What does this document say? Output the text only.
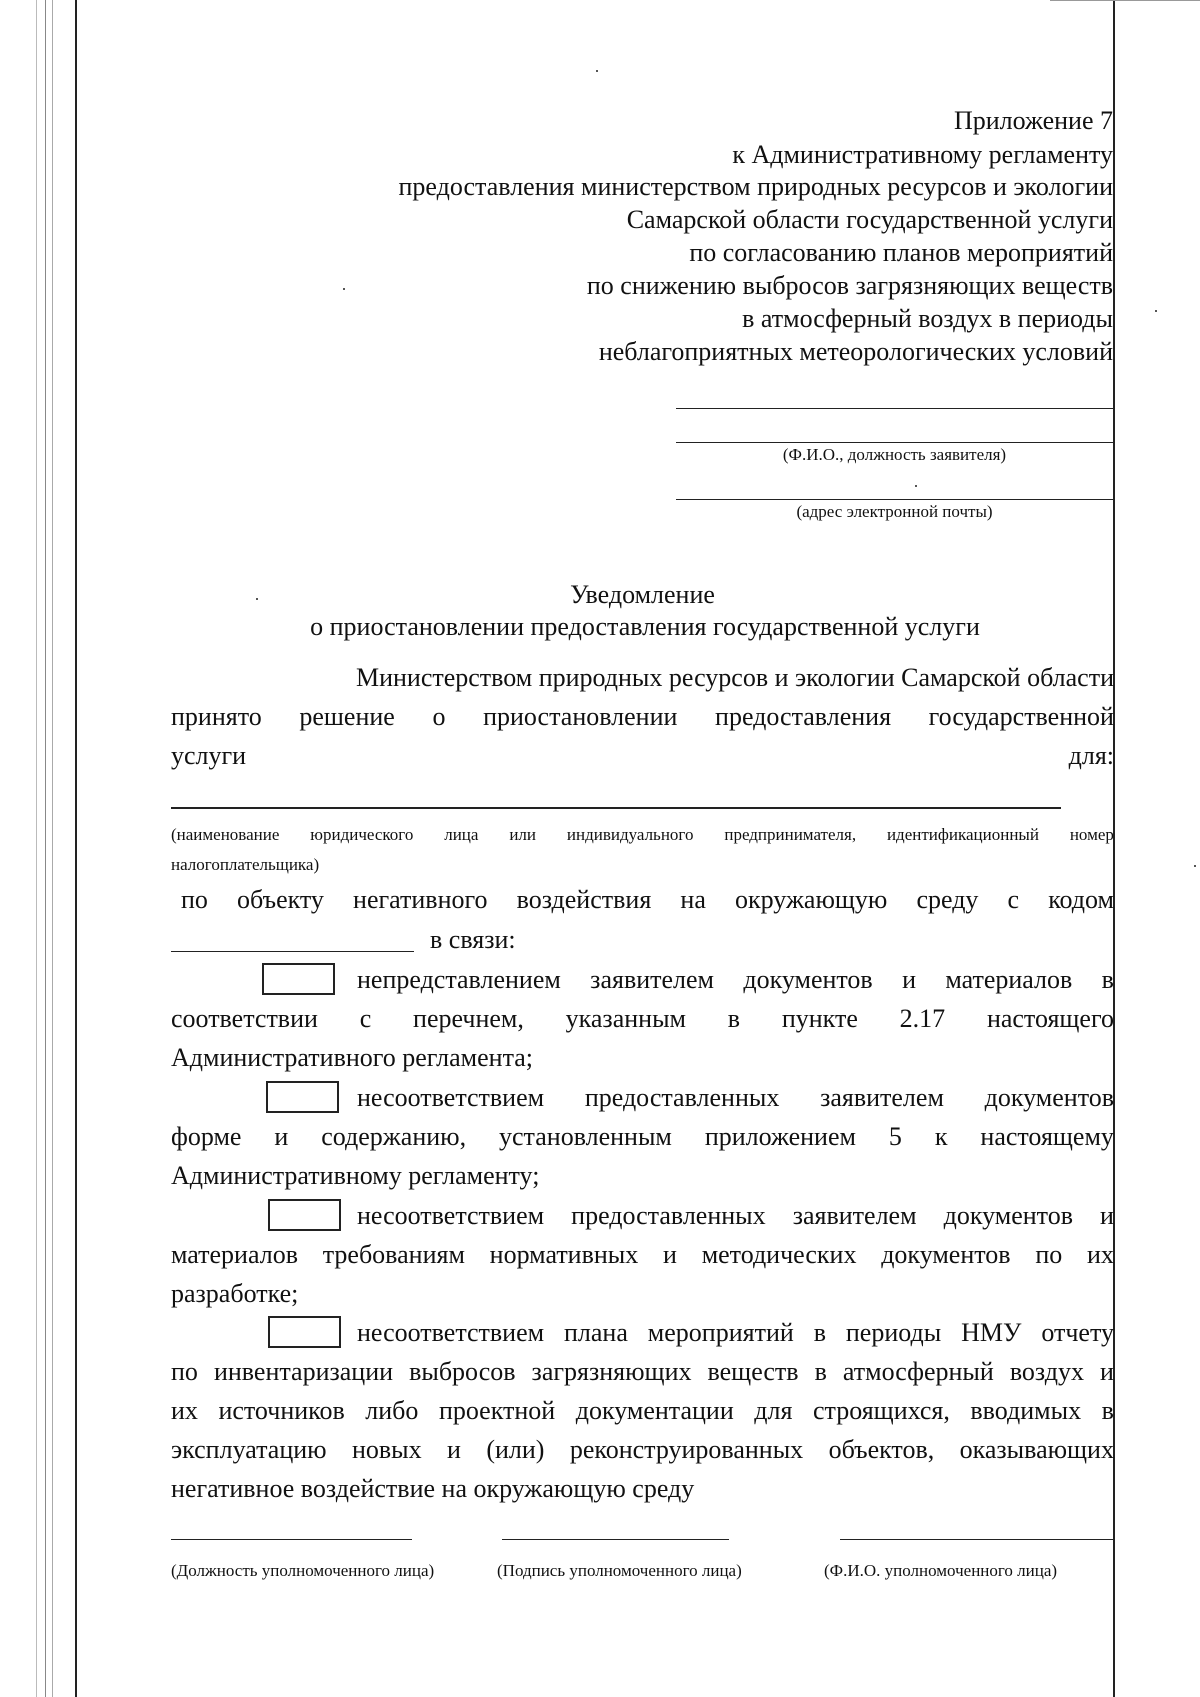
Приложение 7
к Административному регламенту
предоставления министерством природных ресурсов и экологии
Самарской области государственной услуги
по согласованию планов мероприятий
по снижению выбросов загрязняющих веществ
в атмосферный воздух в периоды
неблагоприятных метеорологических условий
(Ф.И.О., должность заявителя)
(адрес электронной почты)
Уведомление
о приостановлении предоставления государственной услуги
Министерством природных ресурсов и экологии Самарской области
принято решение о приостановлении предоставления государственной
услуги	для:
(наименование юридического лица или индивидуального предпринимателя, идентификационный номер
налогоплательщика)
по объекту негативного воздействия на окружающую среду с кодом
в связи:
непредставлением заявителем документов и материалов в
соответствии с перечнем, указанным в пункте 2.17 настоящего
Административного регламента;
несоответствием предоставленных заявителем документов
форме и содержанию, установленным приложением 5 к настоящему
Административному регламенту;
несоответствием предоставленных заявителем документов и
материалов требованиям нормативных и методических документов по их
разработке;
несоответствием плана мероприятий в периоды НМУ отчету
по инвентаризации выбросов загрязняющих веществ в атмосферный воздух и
их источников либо проектной документации для строящихся, вводимых в
эксплуатацию новых и (или) реконструированных объектов, оказывающих
негативное воздействие на окружающую среду
(Должность уполномоченного лица)	(Подпись уполномоченного лица)	(Ф.И.О. уполномоченного лица)
